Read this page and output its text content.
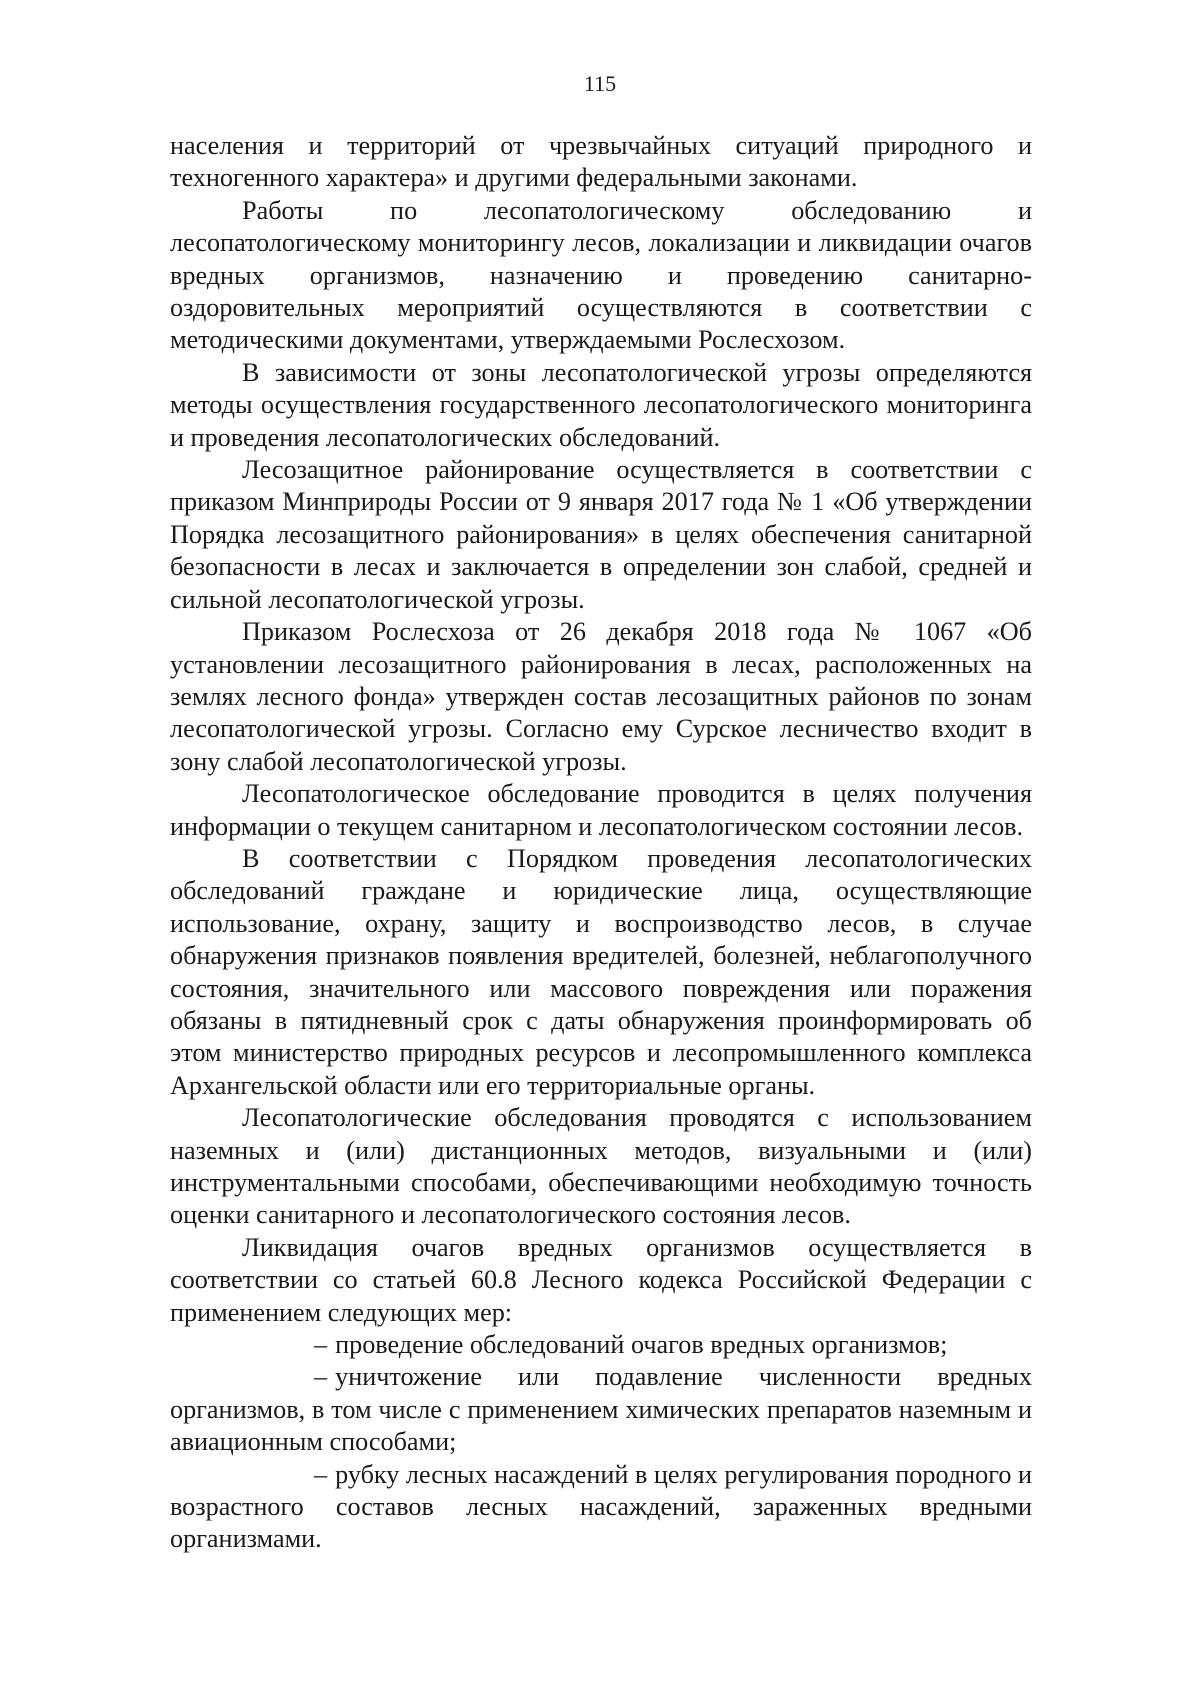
115

населения и территорий от чрезвычайных ситуаций природного и техногенного характера» и другими федеральными законами.

Работы по лесопатологическому обследованию и лесопатологическому мониторингу лесов, локализации и ликвидации очагов вредных организмов, назначению и проведению санитарно-оздоровительных мероприятий осуществляются в соответствии с методическими документами, утверждаемыми Рослесхозом.

В зависимости от зоны лесопатологической угрозы определяются методы осуществления государственного лесопатологического мониторинга и проведения лесопатологических обследований.

Лесозащитное районирование осуществляется в соответствии с приказом Минприроды России от 9 января 2017 года № 1 «Об утверждении Порядка лесозащитного районирования» в целях обеспечения санитарной безопасности в лесах и заключается в определении зон слабой, средней и сильной лесопатологической угрозы.

Приказом Рослесхоза от 26 декабря 2018 года № 1067 «Об установлении лесозащитного районирования в лесах, расположенных на землях лесного фонда» утвержден состав лесозащитных районов по зонам лесопатологической угрозы. Согласно ему Сурское лесничество входит в зону слабой лесопатологической угрозы.

Лесопатологическое обследование проводится в целях получения информации о текущем санитарном и лесопатологическом состоянии лесов.

В соответствии с Порядком проведения лесопатологических обследований граждане и юридические лица, осуществляющие использование, охрану, защиту и воспроизводство лесов, в случае обнаружения признаков появления вредителей, болезней, неблагополучного состояния, значительного или массового повреждения или поражения обязаны в пятидневный срок с даты обнаружения проинформировать об этом министерство природных ресурсов и лесопромышленного комплекса Архангельской области или его территориальные органы.

Лесопатологические обследования проводятся с использованием наземных и (или) дистанционных методов, визуальными и (или) инструментальными способами, обеспечивающими необходимую точность оценки санитарного и лесопатологического состояния лесов.

Ликвидация очагов вредных организмов осуществляется в соответствии со статьей 60.8 Лесного кодекса Российской Федерации с применением следующих мер:

– проведение обследований очагов вредных организмов;

– уничтожение или подавление численности вредных организмов, в том числе с применением химических препаратов наземным и авиационным способами;

– рубку лесных насаждений в целях регулирования породного и возрастного составов лесных насаждений, зараженных вредными организмами.
